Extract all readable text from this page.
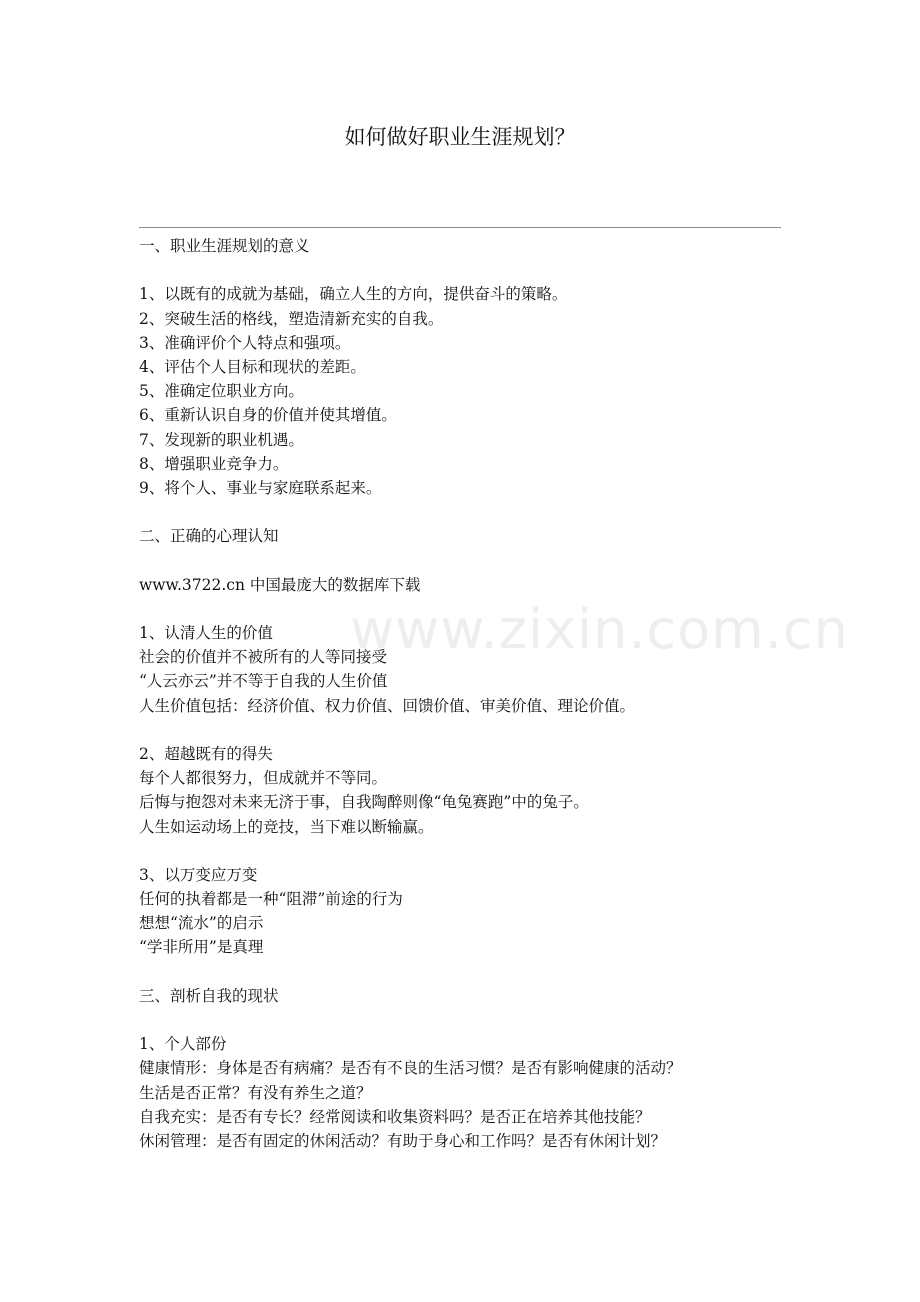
如何做好职业生涯规划？
www.zixin.com.cn
一、职业生涯规划的意义
1、以既有的成就为基础，确立人生的方向，提供奋斗的策略。
2、突破生活的格线，塑造清新充实的自我。
3、准确评价个人特点和强项。
4、评估个人目标和现状的差距。
5、准确定位职业方向。
6、重新认识自身的价值并使其增值。
7、发现新的职业机遇。
8、增强职业竞争力。
9、将个人、事业与家庭联系起来。
二、正确的心理认知
www.3722.cn 中国最庞大的数据库下载
1、认清人生的价值
社会的价值并不被所有的人等同接受
“人云亦云”并不等于自我的人生价值
人生价值包括：经济价值、权力价值、回馈价值、审美价值、理论价值。
2、超越既有的得失
每个人都很努力，但成就并不等同。
后悔与抱怨对未来无济于事，自我陶醉则像“龟兔赛跑”中的兔子。
人生如运动场上的竞技，当下难以断输赢。
3、以万变应万变
任何的执着都是一种“阻滞”前途的行为
想想“流水”的启示
“学非所用”是真理
三、剖析自我的现状
1、个人部份
健康情形：身体是否有病痛？是否有不良的生活习惯？是否有影响健康的活动？
生活是否正常？有没有养生之道？
自我充实：是否有专长？经常阅读和收集资料吗？是否正在培养其他技能？
休闲管理：是否有固定的休闲活动？有助于身心和工作吗？是否有休闲计划？
